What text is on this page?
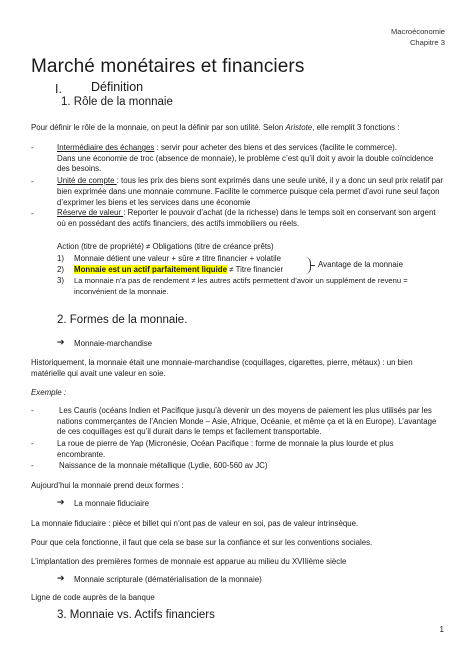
Macroéconomie
Chapitre 3
Marché monétaires et financiers
I. Définition
1. Rôle de la monnaie
Pour définir le rôle de la monnaie, on peut la définir par son utilité. Selon Aristote, elle remplit 3 fonctions :
-	Intermédiaire des échanges : servir pour acheter des biens et des services (facilite le commerce).
Dans une économie de troc (absence de monnaie), le problème c’est qu’il doit y avoir la double coïncidence
des besoins.
-	Unité de compte : tous les prix des biens sont exprimés dans une seule unité, il y a donc un seul prix relatif par
bien exprimée dans une monnaie commune. Facilite le commerce puisque cela permet d’avoi rune seul façon
d’exprimer les biens et les services dans une économie
-	Réserve de valeur : Reporter le pouvoir d’achat (de la richesse) dans le temps soit en conservant son argent
où en possédant des actifs financiers, des actifs immobiliers ou réels.
Action (titre de propriété) ≠ Obligations (titre de créance prêts)
1) Monnaie détient une valeur + sûre ≠ titre financier + volatile
2) Monnaie est un actif parfaitement liquide ≠ Titre financier
Avantage de la monnaie
3) La monnaie n’a pas de rendement ≠ les autres actifs permettent d’avoir un supplément de revenu =
inconvénient de la monnaie.
2. Formes de la monnaie.
➔ Monnaie-marchandise
Historiquement, la monnaie était une monnaie-marchandise (coquillages, cigarettes, pierre, métaux) : un bien
matérielle qui avait une valeur en soie.
Exemple :
-	Les Cauris (océans Indien et Pacifique jusqu’à devenir un des moyens de paiement les plus utilisés par les
nations commerçantes de l’Ancien Monde – Asie, Afrique, Océanie, et même ça et là en Europe). L’avantage
de ces coquillages est qu’il durait dans le temps et facilement transportable.
-	La roue de pierre de Yap (Micronésie, Océan Pacifique : forme de monnaie la plus lourde et plus
encombrante.
-	Naissance de la monnaie métallique (Lydie, 600-560 av JC)
Aujourd’hui la monnaie prend deux formes :
➔ La monnaie fiduciaire
La monnaie fiduciaire : pièce et billet qui n’ont pas de valeur en soi, pas de valeur intrinsèque.
Pour que cela fonctionne, il faut que cela se base sur la confiance et sur les conventions sociales.
L’implantation des premières formes de monnaie est apparue au milieu du XVIIième siècle
➔ Monnaie scripturale (dématérialisation de la monnaie)
Ligne de code auprès de la banque
3. Monnaie vs. Actifs financiers
1
